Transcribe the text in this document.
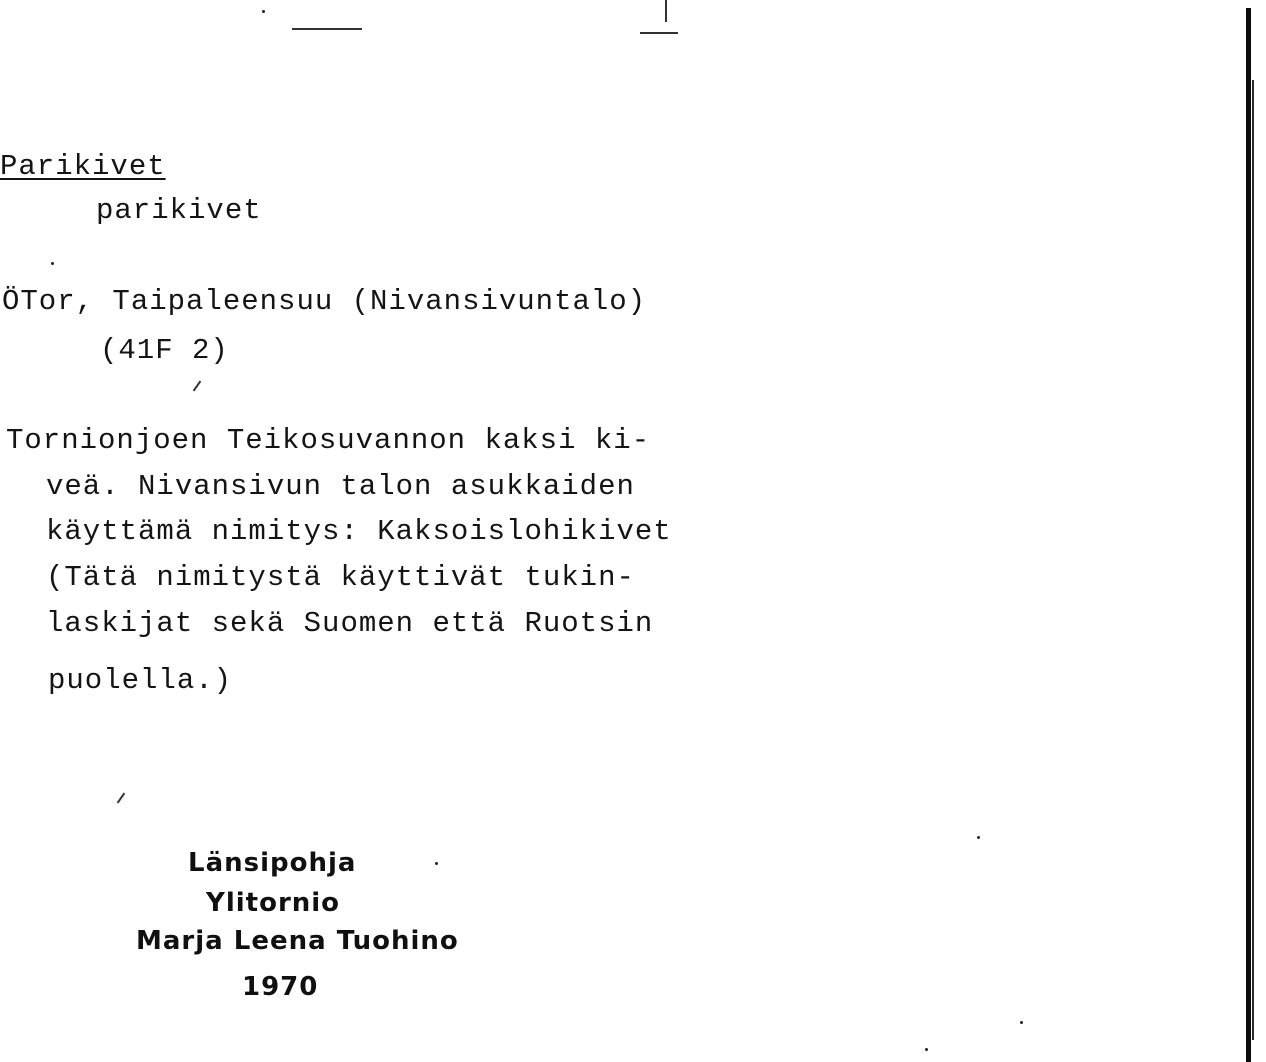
Parikivet
parikivet
ÖTor, Taipaleensuu (Nivansivuntalo)
(41F 2)
Tornionjoen Teikosuvannon kaksi ki-
veä. Nivansivun talon asukkaiden
käyttämä nimitys: Kaksoislohikivet
(Tätä nimitystä käyttivät tukin-
laskijat sekä Suomen että Ruotsin
puolella.)
Länsipohja
Ylitornio
Marja Leena Tuohino
1970
